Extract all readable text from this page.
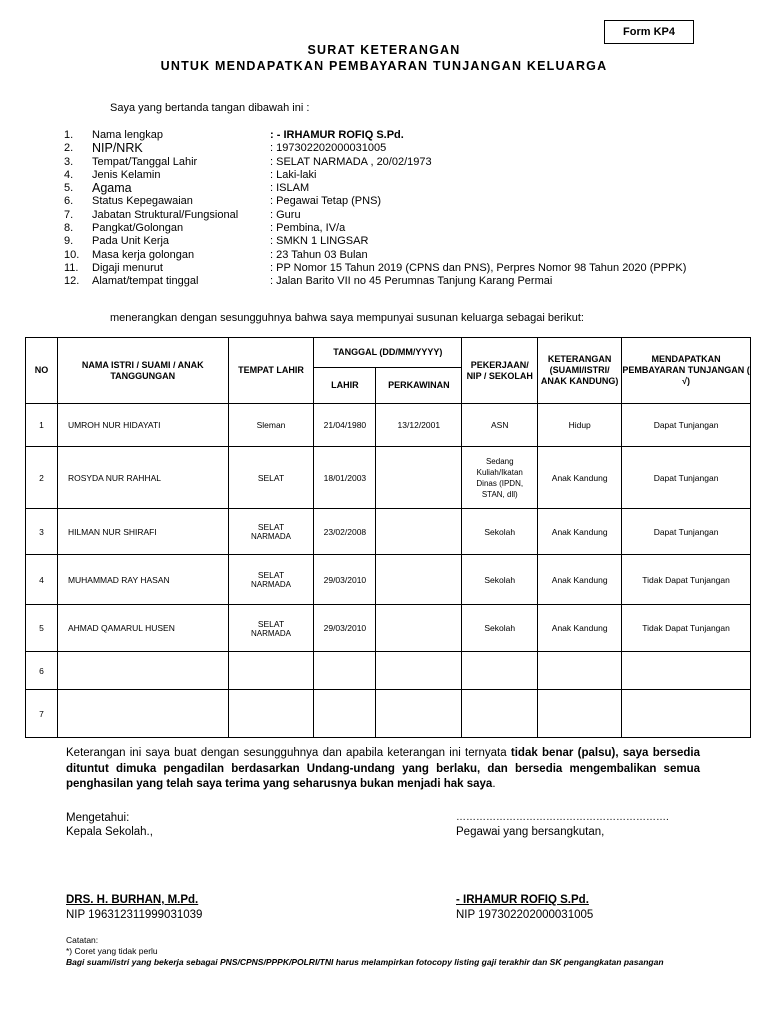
Form KP4
SURAT KETERANGAN
UNTUK MENDAPATKAN PEMBAYARAN TUNJANGAN KELUARGA
Saya yang bertanda tangan dibawah ini :
1.	Nama lengkap	: - IRHAMUR ROFIQ S.Pd.
2.	NIP/NRK	: 197302202000031005
3.	Tempat/Tanggal Lahir	: SELAT NARMADA , 20/02/1973
4.	Jenis Kelamin	: Laki-laki
5.	Agama	: ISLAM
6.	Status Kepegawaian	: Pegawai Tetap (PNS)
7.	Jabatan Struktural/Fungsional	: Guru
8.	Pangkat/Golongan	: Pembina, IV/a
9.	Pada Unit Kerja	: SMKN 1 LINGSAR
10.	Masa kerja golongan	: 23 Tahun 03 Bulan
11.	Digaji menurut	: PP Nomor 15 Tahun 2019 (CPNS dan PNS), Perpres Nomor 98 Tahun 2020 (PPPK)
12.	Alamat/tempat tinggal	: Jalan Barito VII no 45 Perumnas Tanjung Karang Permai
menerangkan dengan sesungguhnya bahwa saya mempunyai susunan keluarga sebagai berikut:
NO	NAMA ISTRI / SUAMI / ANAK TANGGUNGAN	TEMPAT LAHIR	TANGGAL (DD/MM/YYYY)		PEKERJAAN/ NIP / SEKOLAH	KETERANGAN (SUAMI/ISTRI/ ANAK KANDUNG)	MENDAPATKAN PEMBAYARAN TUNJANGAN ( √)
			LAHIR	PERKAWINAN			
1	UMROH NUR HIDAYATI	Sleman	21/04/1980	13/12/2001	ASN	Hidup	Dapat Tunjangan
2	ROSYDA NUR RAHHAL	SELAT	18/01/2003		Sedang Kuliah/Ikatan Dinas (IPDN, STAN, dll)	Anak Kandung	Dapat Tunjangan
3	HILMAN NUR SHIRAFI	SELAT
NARMADA	23/02/2008		Sekolah	Anak Kandung	Dapat Tunjangan
4	MUHAMMAD RAY HASAN	SELAT
NARMADA	29/03/2010		Sekolah	Anak Kandung	Tidak Dapat Tunjangan
5	AHMAD QAMARUL HUSEN	SELAT
NARMADA	29/03/2010		Sekolah	Anak Kandung	Tidak Dapat Tunjangan
6							
7							
Keterangan ini saya buat dengan sesungguhnya dan apabila keterangan ini ternyata tidak benar (palsu), saya bersedia dituntut dimuka pengadilan berdasarkan Undang-undang yang berlaku, dan bersedia mengembalikan semua penghasilan yang telah saya terima yang seharusnya bukan menjadi hak saya.
Mengetahui:
Kepala Sekolah.,
……………………………………………………….
Pegawai yang bersangkutan,
DRS. H. BURHAN, M.Pd.
NIP 196312311999031039
- IRHAMUR ROFIQ S.Pd.
NIP 197302202000031005
Catatan:
*) Coret yang tidak perlu
Bagi suami/istri yang bekerja sebagai PNS/CPNS/PPPK/POLRI/TNI harus melampirkan fotocopy listing gaji terakhir dan SK pengangkatan pasangan
